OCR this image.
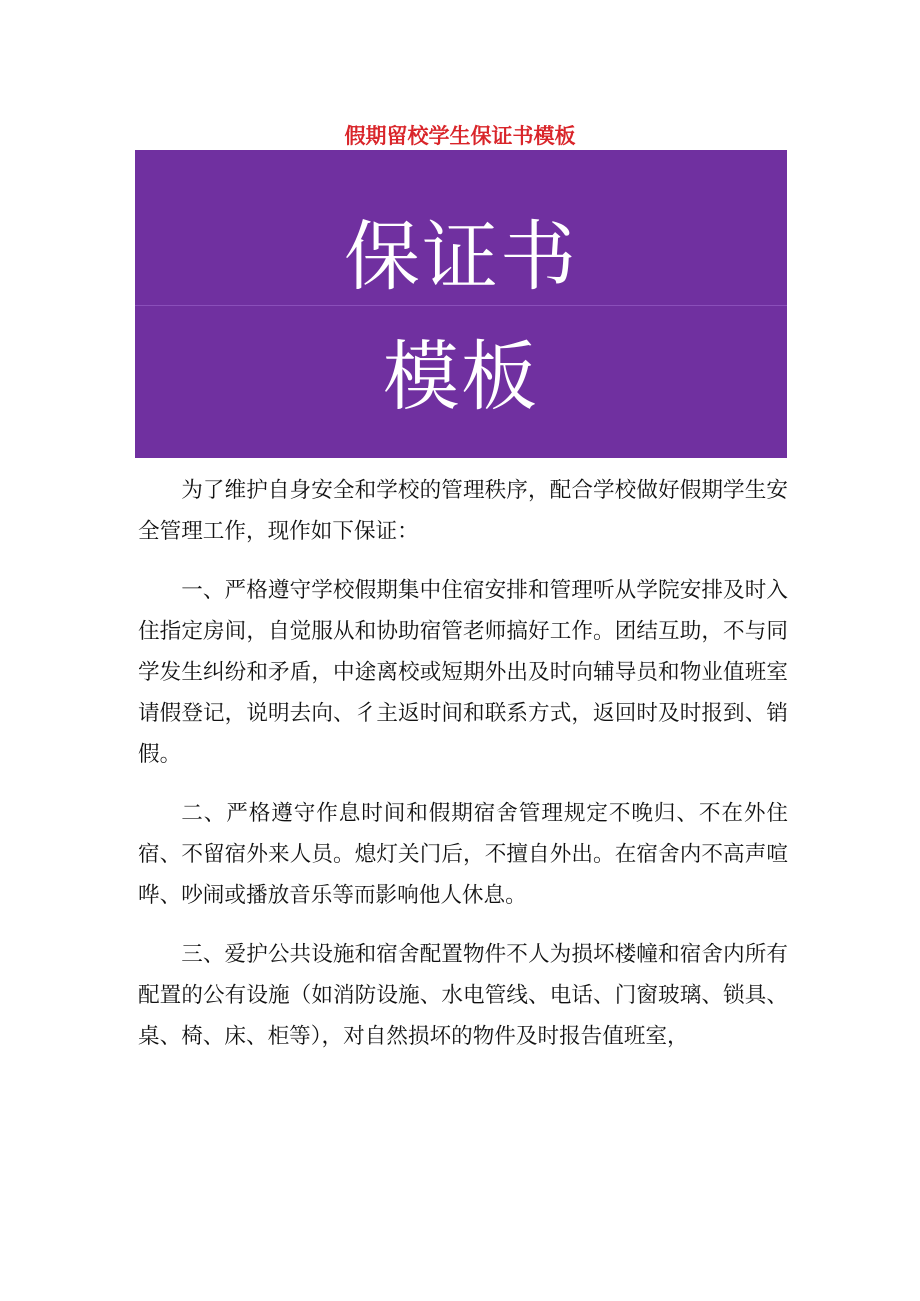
假期留校学生保证书模板
保证书
模板

为了维护自身安全和学校的管理秩序，配合学校做好假期学生安全管理工作，现作如下保证：

一、严格遵守学校假期集中住宿安排和管理听从学院安排及时入住指定房间，自觉服从和协助宿管老师搞好工作。团结互助，不与同学发生纠纷和矛盾，中途离校或短期外出及时向辅导员和物业值班室请假登记，说明去向、彳主返时间和联系方式，返回时及时报到、销假。

二、严格遵守作息时间和假期宿舍管理规定不晚归、不在外住宿、不留宿外来人员。熄灯关门后，不擅自外出。在宿舍内不高声喧哗、吵闹或播放音乐等而影响他人休息。

三、爱护公共设施和宿舍配置物件不人为损坏楼幢和宿舍内所有配置的公有设施（如消防设施、水电管线、电话、门窗玻璃、锁具、桌、椅、床、柜等），对自然损坏的物件及时报告值班室，
